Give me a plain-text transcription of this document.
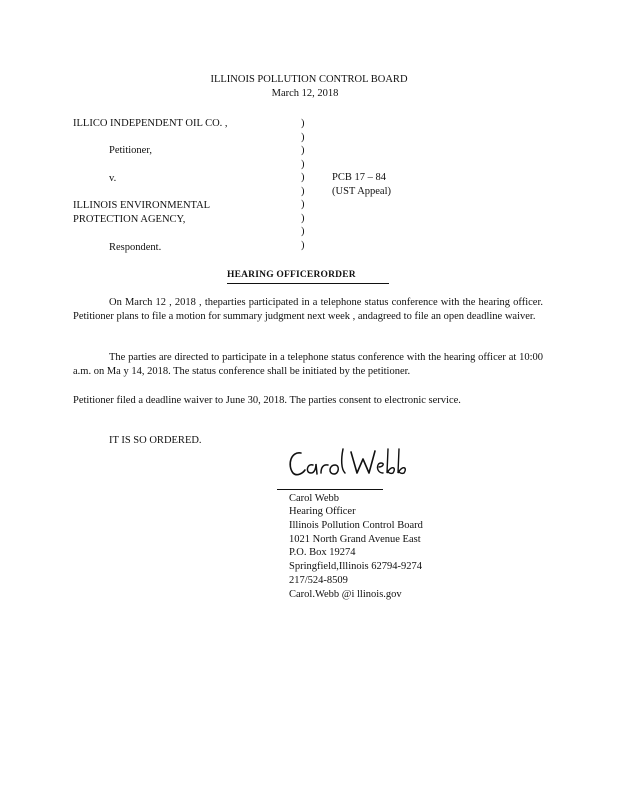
ILLINOIS POLLUTION CONTROL BOARD
March 12, 2018
ILLICO INDEPENDENT OIL CO. ,
Petitioner,
v.
ILLINOIS ENVIRONMENTAL
PROTECTION AGENCY,
Respondent.
)
)
)
)
)
)
)
)
)
)
PCB 17 – 84
(UST Appeal)
HEARING OFFICERORDER
On March 12 , 2018 , theparties participated in a telephone status conference with the hearing officer. Petitioner plans to file a motion for summary judgment next week , andagreed to file an open deadline waiver.
The parties are directed to participate in a telephone status conference with the hearing officer at 10:00 a.m. on Ma y 14, 2018. The status conference shall be initiated by the petitioner.
Petitioner filed a deadline waiver to June 30, 2018. The parties consent to electronic service.
IT IS SO ORDERED.
Carol Webb
Hearing Officer
Illinois Pollution Control Board
1021 North Grand Avenue East
P.O. Box 19274
Springfield,Illinois 62794-9274
217/524-8509
Carol.Webb @i llinois.gov
